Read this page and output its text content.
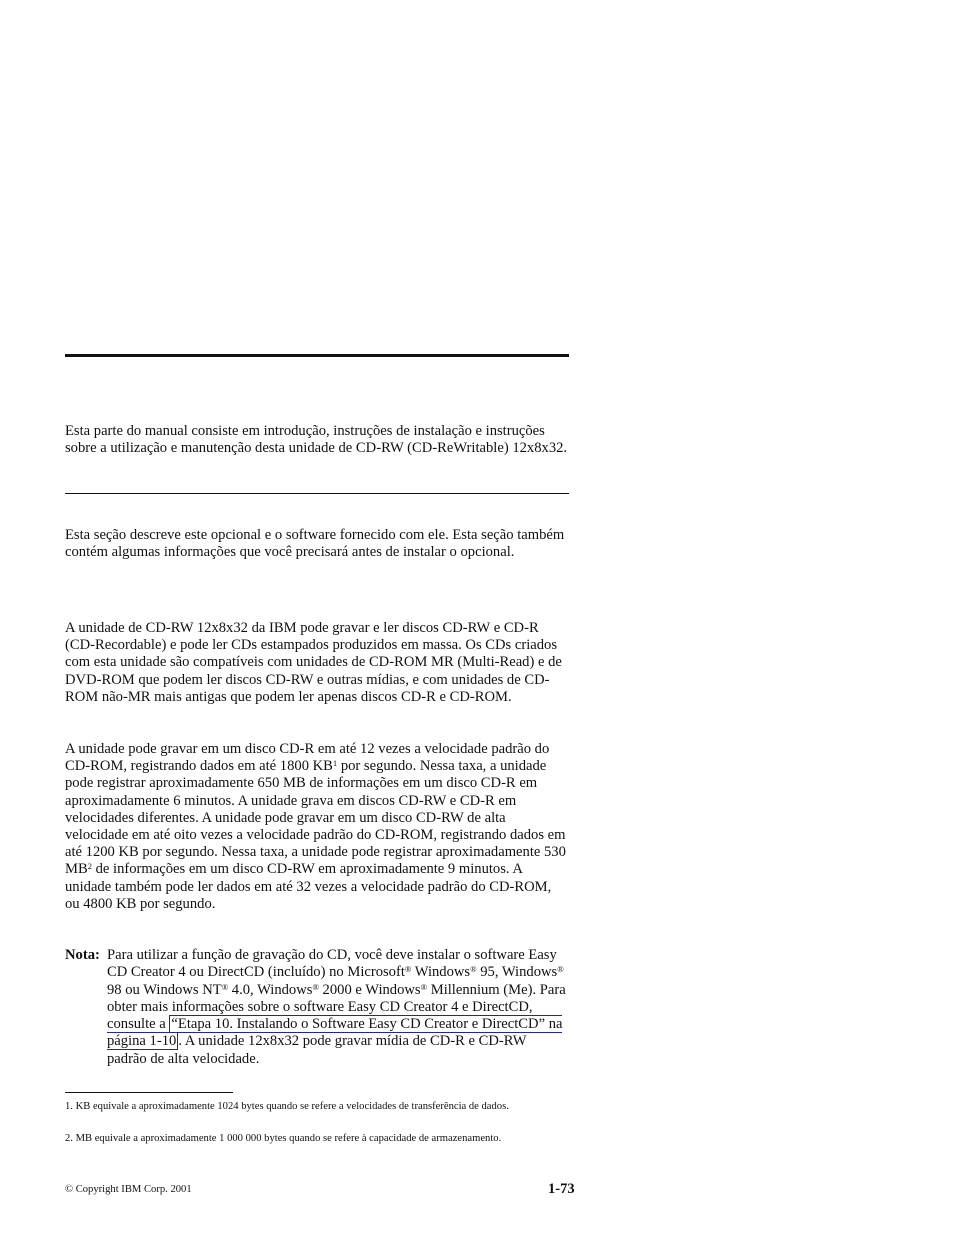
Esta parte do manual consiste em introdução, instruções de instalação e instruções sobre a utilização e manutenção desta unidade de CD-RW (CD-ReWritable) 12x8x32.

Esta seção descreve este opcional e o software fornecido com ele. Esta seção também contém algumas informações que você precisará antes de instalar o opcional.

A unidade de CD-RW 12x8x32 da IBM pode gravar e ler discos CD-RW e CD-R (CD-Recordable) e pode ler CDs estampados produzidos em massa. Os CDs criados com esta unidade são compatíveis com unidades de CD-ROM MR (Multi-Read) e de DVD-ROM que podem ler discos CD-RW e outras mídias, e com unidades de CD-ROM não-MR mais antigas que podem ler apenas discos CD-R e CD-ROM.

A unidade pode gravar em um disco CD-R em até 12 vezes a velocidade padrão do CD-ROM, registrando dados em até 1800 $KB^1$ por segundo. Nessa taxa, a unidade pode registrar aproximadamente 650 MB de informações em um disco CD-R em aproximadamente 6 minutos. A unidade grava em discos CD-RW e CD-R em velocidades diferentes. A unidade pode gravar em um disco CD-RW de alta velocidade em até oito vezes a velocidade padrão do CD-ROM, registrando dados em até 1200 KB por segundo. Nessa taxa, a unidade pode registrar aproximadamente 530 $MB^2$ de informações em um disco CD-RW em aproximadamente 9 minutos. A unidade também pode ler dados em até 32 vezes a velocidade padrão do CD-ROM, ou 4800 KB por segundo.

Nota: Para utilizar a função de gravação do CD, você deve instalar o software Easy CD Creator 4 ou DirectCD (incluído) no Microsoft® Windows® 95, Windows® 98 ou Windows NT® 4.0, Windows® 2000 e Windows® Millennium (Me). Para obter mais informações sobre o software Easy CD Creator 4 e DirectCD, consulte a “Etapa 10. Instalando o Software Easy CD Creator e DirectCD” na página 1-10 . A unidade 12x8x32 pode gravar mídia de CD-R e CD-RW padrão de alta velocidade.
1. KB equivale a aproximadamente 1024 bytes quando se refere a velocidades de transferência de dados.
2. MB equivale a aproximadamente 1 000 000 bytes quando se refere à capacidade de armazenamento.
© Copyright IBM Corp. 2001	1-73
